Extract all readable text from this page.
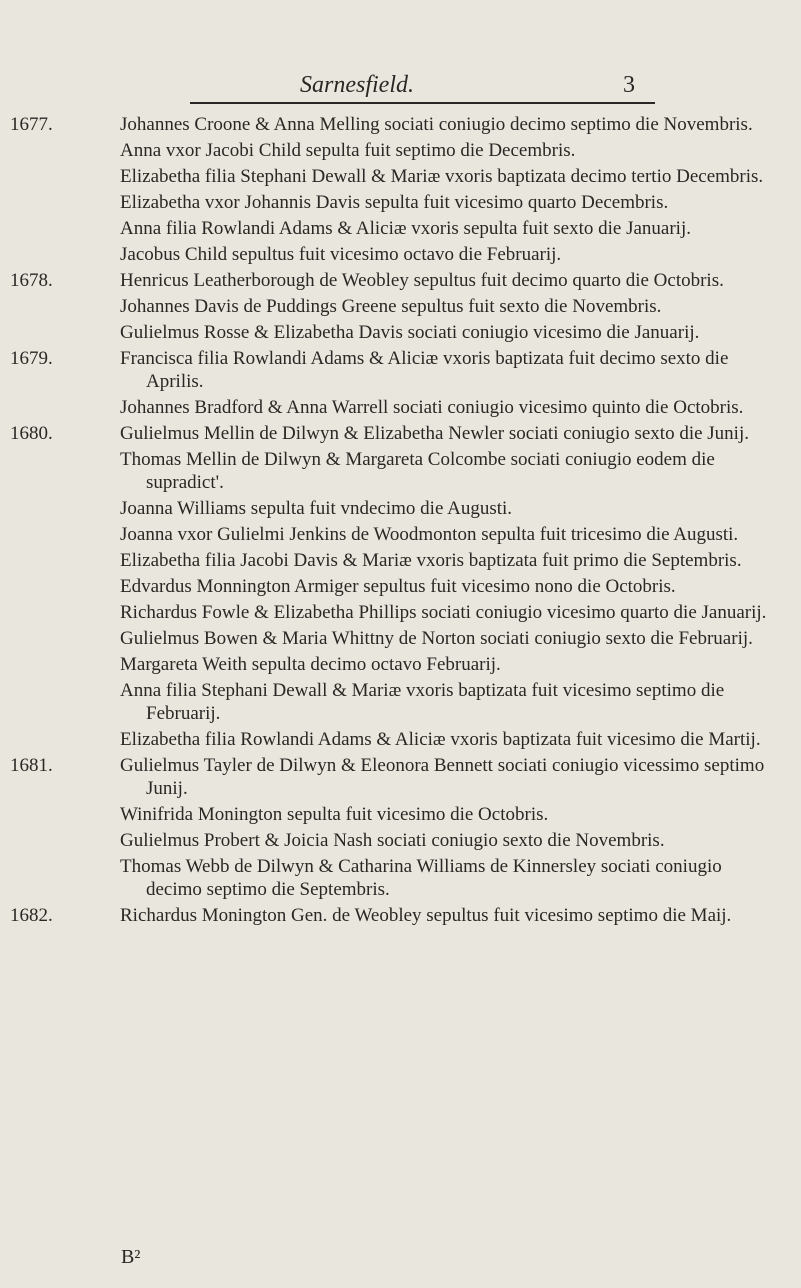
Sarnesfield.	3
1677.	Johannes Croone & Anna Melling sociati coniugio decimo septimo die Novembris.

Anna vxor Jacobi Child sepulta fuit septimo die Decembris.

Elizabetha filia Stephani Dewall & Mariæ vxoris baptizata decimo tertio Decembris.

Elizabetha vxor Johannis Davis sepulta fuit vicesimo quarto Decembris.

Anna filia Rowlandi Adams & Aliciæ vxoris sepulta fuit sexto die Januarij.

Jacobus Child sepultus fuit vicesimo octavo die Februarij.

1678.	Henricus Leatherborough de Weobley sepultus fuit decimo quarto die Octobris.

Johannes Davis de Puddings Greene sepultus fuit sexto die Novembris.

Gulielmus Rosse & Elizabetha Davis sociati coniugio vicesimo die Januarij.

1679.	Francisca filia Rowlandi Adams & Aliciæ vxoris baptizata fuit decimo sexto die Aprilis.

Johannes Bradford & Anna Warrell sociati coniugio vicesimo quinto die Octobris.

1680.	Gulielmus Mellin de Dilwyn & Elizabetha Newler sociati coniugio sexto die Junij.

Thomas Mellin de Dilwyn & Margareta Colcombe sociati coniugio eodem die supradict'.

Joanna Williams sepulta fuit vndecimo die Augusti.

Joanna vxor Gulielmi Jenkins de Woodmonton sepulta fuit tricesimo die Augusti.

Elizabetha filia Jacobi Davis & Mariæ vxoris baptizata fuit primo die Septembris.

Edvardus Monnington Armiger sepultus fuit vicesimo nono die Octobris.

Richardus Fowle & Elizabetha Phillips sociati coniugio vicesimo quarto die Januarij.

Gulielmus Bowen & Maria Whittny de Norton sociati coniugio sexto die Februarij.

Margareta Weith sepulta decimo octavo Februarij.

Anna filia Stephani Dewall & Mariæ vxoris baptizata fuit vicesimo septimo die Februarij.

Elizabetha filia Rowlandi Adams & Aliciæ vxoris baptizata fuit vicesimo die Martij.

1681.	Gulielmus Tayler de Dilwyn & Eleonora Bennett sociati coniugio vicessimo septimo Junij.

Winifrida Monington sepulta fuit vicesimo die Octobris.

Gulielmus Probert & Joicia Nash sociati coniugio sexto die Novembris.

Thomas Webb de Dilwyn & Catharina Williams de Kinnersley sociati coniugio decimo septimo die Septembris.

1682.	Richardus Monington Gen. de Weobley sepultus fuit vicesimo septimo die Maij.

B²
